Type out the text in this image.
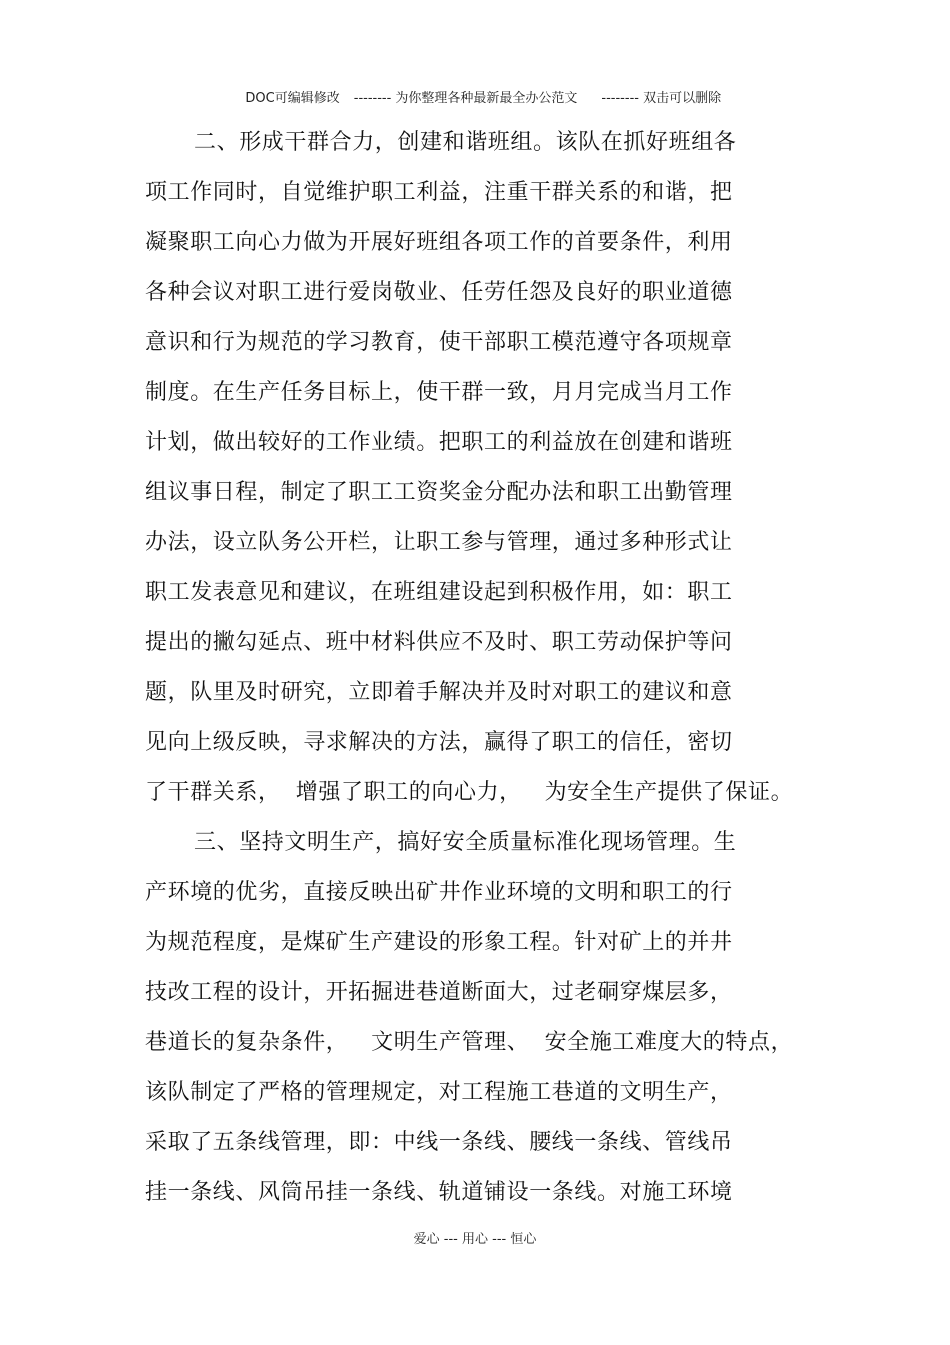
DOC可编辑修改 -------- 为你整理各种最新最全办公范文 -------- 双击可以删除

二、形成干群合力，创建和谐班组。该队在抓好班组各
项工作同时，自觉维护职工利益，注重干群关系的和谐，把
凝聚职工向心力做为开展好班组各项工作的首要条件，利用
各种会议对职工进行爱岗敬业、任劳任怨及良好的职业道德
意识和行为规范的学习教育，使干部职工模范遵守各项规章
制度。在生产任务目标上，使干群一致，月月完成当月工作
计划，做出较好的工作业绩。把职工的利益放在创建和谐班
组议事日程，制定了职工工资奖金分配办法和职工出勤管理
办法，设立队务公开栏，让职工参与管理，通过多种形式让
职工发表意见和建议，在班组建设起到积极作用，如：职工
提出的撇勾延点、班中材料供应不及时、职工劳动保护等问
题，队里及时研究，立即着手解决并及时对职工的建议和意
见向上级反映，寻求解决的方法，赢得了职工的信任，密切
了干群关系，  增强了职工的向心力，   为安全生产提供了保证。
三、坚持文明生产，搞好安全质量标准化现场管理。生
产环境的优劣，直接反映出矿井作业环境的文明和职工的行
为规范程度，是煤矿生产建设的形象工程。针对矿上的并井
技改工程的设计，开拓掘进巷道断面大，过老硐穿煤层多，
巷道长的复杂条件，   文明生产管理、  安全施工难度大的特点，
该队制定了严格的管理规定，对工程施工巷道的文明生产，
采取了五条线管理，即：中线一条线、腰线一条线、管线吊
挂一条线、风筒吊挂一条线、轨道铺设一条线。对施工环境
爱心 --- 用心 --- 恒心
